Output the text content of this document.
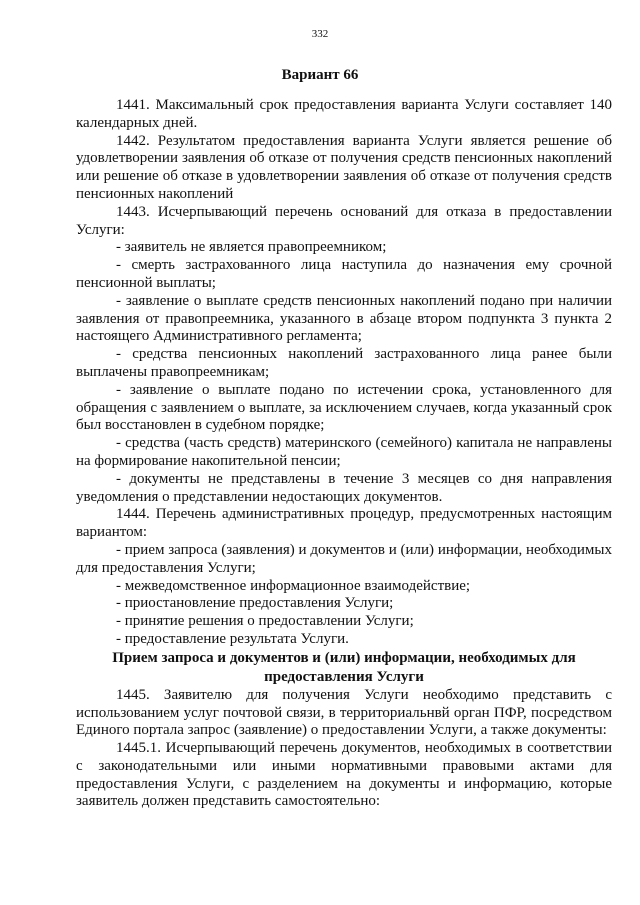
332
Вариант 66

1441. Максимальный срок предоставления варианта Услуги составляет 140 календарных дней.

1442. Результатом предоставления варианта Услуги является решение об удовлетворении заявления об отказе от получения средств пенсионных накоплений или решение об отказе в удовлетворении заявления об отказе от получения средств пенсионных накоплений

1443. Исчерпывающий перечень оснований для отказа в предоставлении Услуги:

- заявитель не является правопреемником;

- смерть застрахованного лица наступила до назначения ему срочной пенсионной выплаты;

- заявление о выплате средств пенсионных накоплений подано при наличии заявления от правопреемника, указанного в абзаце втором подпункта 3 пункта 2 настоящего Административного регламента;

- средства пенсионных накоплений застрахованного лица ранее были выплачены правопреемникам;

- заявление о выплате подано по истечении срока, установленного для обращения с заявлением о выплате, за исключением случаев, когда указанный срок был восстановлен в судебном порядке;

- средства (часть средств) материнского (семейного) капитала не направлены на формирование накопительной пенсии;

- документы не представлены в течение 3 месяцев со дня направления уведомления о представлении недостающих документов.

1444. Перечень административных процедур, предусмотренных настоящим вариантом:

- прием запроса (заявления) и документов и (или) информации, необходимых для предоставления Услуги;

- межведомственное информационное взаимодействие;

- приостановление предоставления Услуги;

- принятие решения о предоставлении Услуги;

- предоставление результата Услуги.

Прием запроса и документов и (или) информации, необходимых для предоставления Услуги

1445. Заявителю для получения Услуги необходимо представить с использованием услуг почтовой связи, в территориальнвй орган ПФР, посредством Единого портала запрос (заявление) о предоставлении Услуги, а также документы:

1445.1. Исчерпывающий перечень документов, необходимых в соответствии с законодательными или иными нормативными правовыми актами для предоставления Услуги, с разделением на документы и информацию, которые заявитель должен представить самостоятельно:
